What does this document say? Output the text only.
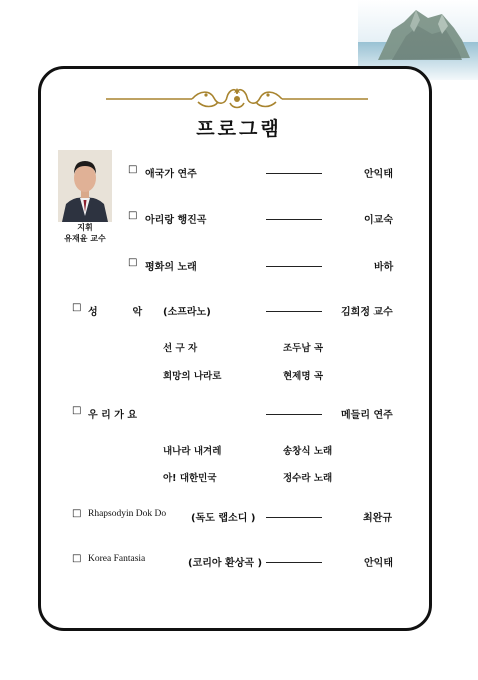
프로그램
지휘
유재윤 교수
□ 애국가 연주	안익태
□ 아리랑 행진곡	이교숙
□ 평화의 노래	바하
□ 성          악 (소프라노)	김희정 교수
선 구 자	조두남 곡
희망의 나라로	현제명 곡
□ 우 리 가 요	메들리 연주
내나라 내겨레	송창식 노래
아! 대한민국	정수라 노래
□ Rhapsodyin Dok Do (독도 랩소디 )	최완규
□ Korea Fantasia	(코리아 환상곡 )	안익태
